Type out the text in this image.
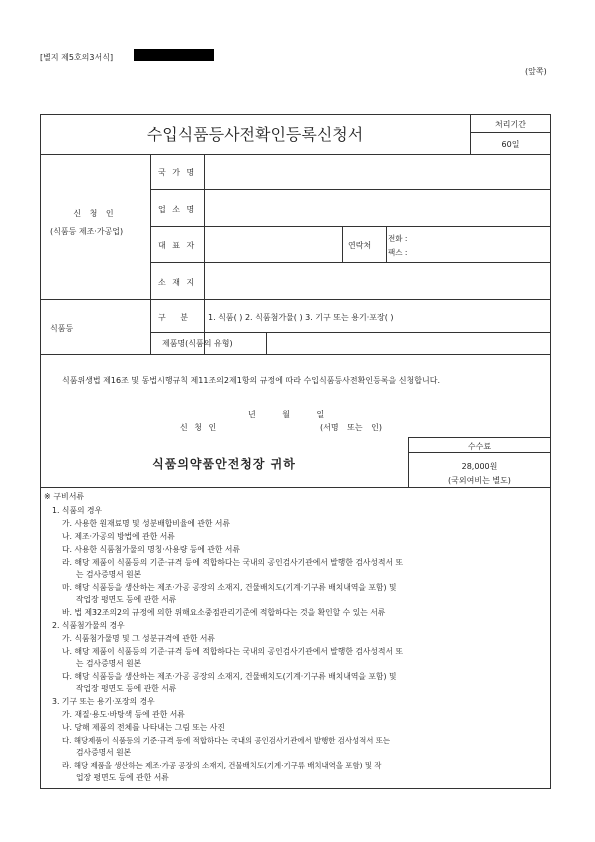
[별지 제5호의3서식]
(앞쪽)
수입식품등사전확인등록신청서
처리기간
60일
신 청 인
(식품등 제조·가공업)
국 가 명
업 소 명
대 표 자	연락처
전화 :
팩스 :
소 재 지
식품등
구 분 1. 식품( ) 2. 식품첨가물( ) 3. 기구 또는 용기·포장( )
제품명(식품의 유형)
식품위생법 제16조 및 동법시행규칙 제11조의2제1항의 규정에 따라 수입식품등사전확인등록을 신청합니다.
년 월 일
신 청 인	(서명 또는 인)
식품의약품안전청장 귀하
수수료
28,000원
(국외여비는 별도)
※ 구비서류
1. 식품의 경우
가. 사용한 원재료명 및 성분배합비율에 관한 서류
나. 제조·가공의 방법에 관한 서류
다. 사용한 식품첨가물의 명칭·사용량 등에 관한 서류
라. 해당 제품이 식품등의 기준·규격 등에 적합하다는 국내의 공인검사기관에서 발행한 검사성적서 또
는 검사증명서 원본
마. 해당 식품등을 생산하는 제조·가공 공장의 소재지, 건물배치도(기계·기구류 배치내역을 포함) 및
작업장 평면도 등에 관한 서류
바. 법 제32조의2의 규정에 의한 위해요소중점관리기준에 적합하다는 것을 확인할 수 있는 서류
2. 식품첨가물의 경우
가. 식품첨가물명 및 그 성분규격에 관한 서류
나. 해당 제품이 식품등의 기준·규격 등에 적합하다는 국내의 공인검사기관에서 발행한 검사성적서 또
는 검사증명서 원본
다. 해당 식품등을 생산하는 제조·가공 공장의 소재지, 건물배치도(기계·기구류 배치내역을 포함) 및
작업장 평면도 등에 관한 서류
3. 기구 또는 용기·포장의 경우
가. 재질·용도·바탕색 등에 관한 서류
나. 당해 제품의 전체를 나타내는 그림 또는 사진
다. 해당제품이 식품등의 기준·규격 등에 적합하다는 국내의 공인검사기관에서 발행한 검사성적서 또는
검사증명서 원본
라. 해당 제품을 생산하는 제조·가공 공장의 소재지, 건물배치도(기계·기구류 배치내역을 포함) 및 작
업장 평면도 등에 관한 서류
